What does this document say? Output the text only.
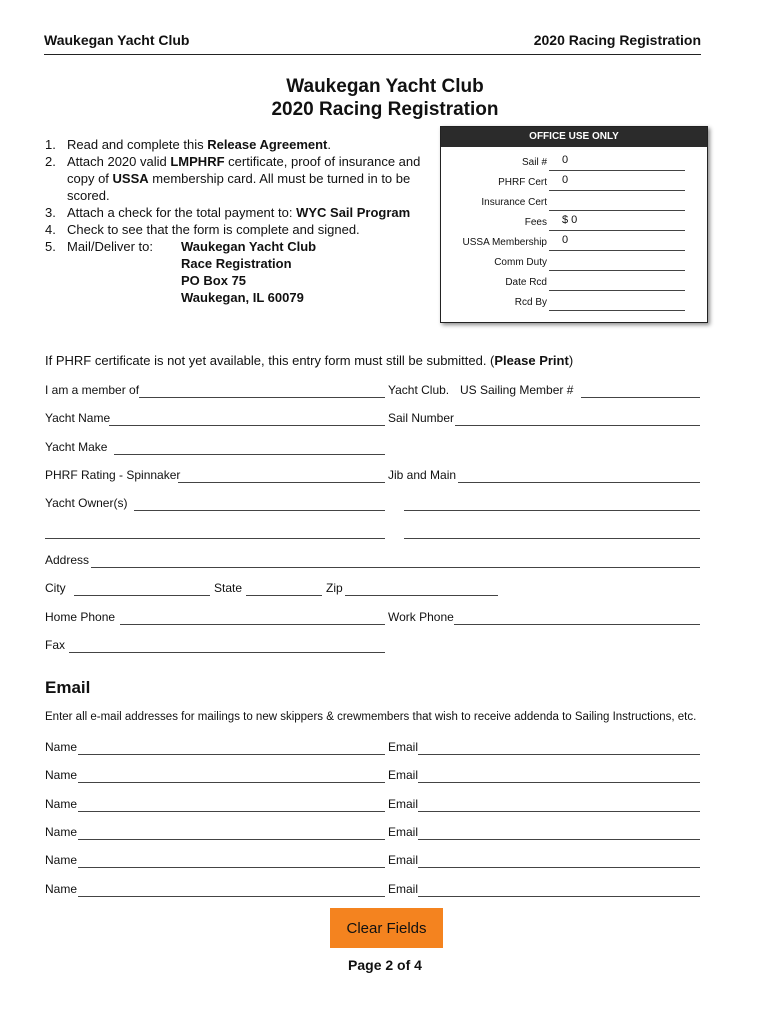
Waukegan Yacht Club	2020 Racing Registration
Waukegan Yacht Club
2020 Racing Registration
1. Read and complete this Release Agreement.
2. Attach 2020 valid LMPHRF certificate, proof of insurance and
copy of USSA membership card. All must be turned in to be
scored.
3. Attach a check for the total payment to: WYC Sail Program
4. Check to see that the form is complete and signed.
5. Mail/Deliver to: Waukegan Yacht Club
Race Registration
PO Box 75
Waukegan, IL 60079
OFFICE USE ONLY
Sail # 0
PHRF Cert 0
Insurance Cert
Fees $ 0
USSA Membership 0
Comm Duty
Date Rcd
Rcd By
If PHRF certificate is not yet available, this entry form must still be submitted. (Please Print)
I am a member of	Yacht Club. US Sailing Member #
Yacht Name	Sail Number
Yacht Make
PHRF Rating - Spinnaker	Jib and Main
Yacht Owner(s)
Address
City	State	Zip
Home Phone	Work Phone
Fax
Email
Enter all e-mail addresses for mailings to new skippers & crewmembers that wish to receive addenda to Sailing Instructions, etc.
Name	Email
Name	Email
Name	Email
Name	Email
Name	Email
Name	Email
Clear Fields
Page 2 of 4
